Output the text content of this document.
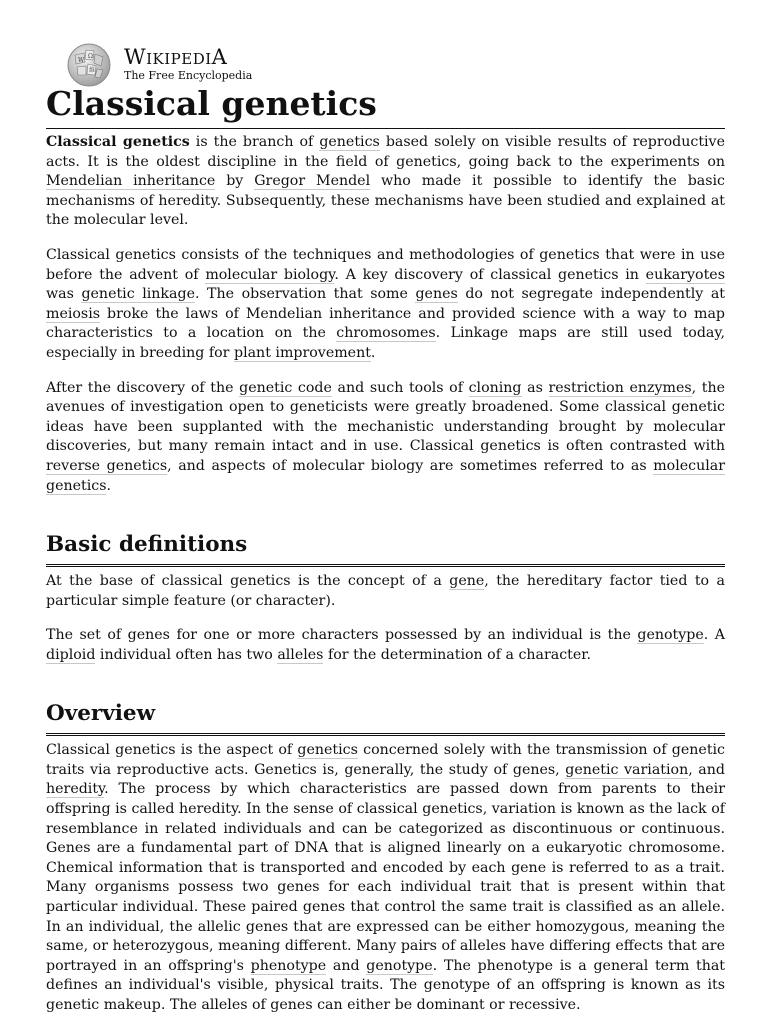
W
Ω
維
WIKIPEDIA
The Free Encyclopedia
Classical genetics

Classical genetics is the branch of genetics based solely on visible results of reproductive acts. It is the oldest discipline in the field of genetics, going back to the experiments on Mendelian inheritance by Gregor Mendel who made it possible to identify the basic mechanisms of heredity. Subsequently, these mechanisms have been studied and explained at the molecular level.

Classical genetics consists of the techniques and methodologies of genetics that were in use before the advent of molecular biology. A key discovery of classical genetics in eukaryotes was genetic linkage. The observation that some genes do not segregate independently at meiosis broke the laws of Mendelian inheritance and provided science with a way to map characteristics to a location on the chromosomes. Linkage maps are still used today, especially in breeding for plant improvement.

After the discovery of the genetic code and such tools of cloning as restriction enzymes, the avenues of investigation open to geneticists were greatly broadened. Some classical genetic ideas have been supplanted with the mechanistic understanding brought by molecular discoveries, but many remain intact and in use. Classical genetics is often contrasted with reverse genetics, and aspects of molecular biology are sometimes referred to as molecular genetics.

Basic definitions

At the base of classical genetics is the concept of a gene, the hereditary factor tied to a particular simple feature (or character).

The set of genes for one or more characters possessed by an individual is the genotype. A diploid individual often has two alleles for the determination of a character.

Overview

Classical genetics is the aspect of genetics concerned solely with the transmission of genetic traits via reproductive acts. Genetics is, generally, the study of genes, genetic variation, and heredity. The process by which characteristics are passed down from parents to their offspring is called heredity. In the sense of classical genetics, variation is known as the lack of resemblance in related individuals and can be categorized as discontinuous or continuous. Genes are a fundamental part of DNA that is aligned linearly on a eukaryotic chromosome. Chemical information that is transported and encoded by each gene is referred to as a trait. Many organisms possess two genes for each individual trait that is present within that particular individual. These paired genes that control the same trait is classified as an allele. In an individual, the allelic genes that are expressed can be either homozygous, meaning the same, or heterozygous, meaning different. Many pairs of alleles have differing effects that are portrayed in an offspring's phenotype and genotype. The phenotype is a general term that defines an individual's visible, physical traits. The genotype of an offspring is known as its genetic makeup. The alleles of genes can either be dominant or recessive.
